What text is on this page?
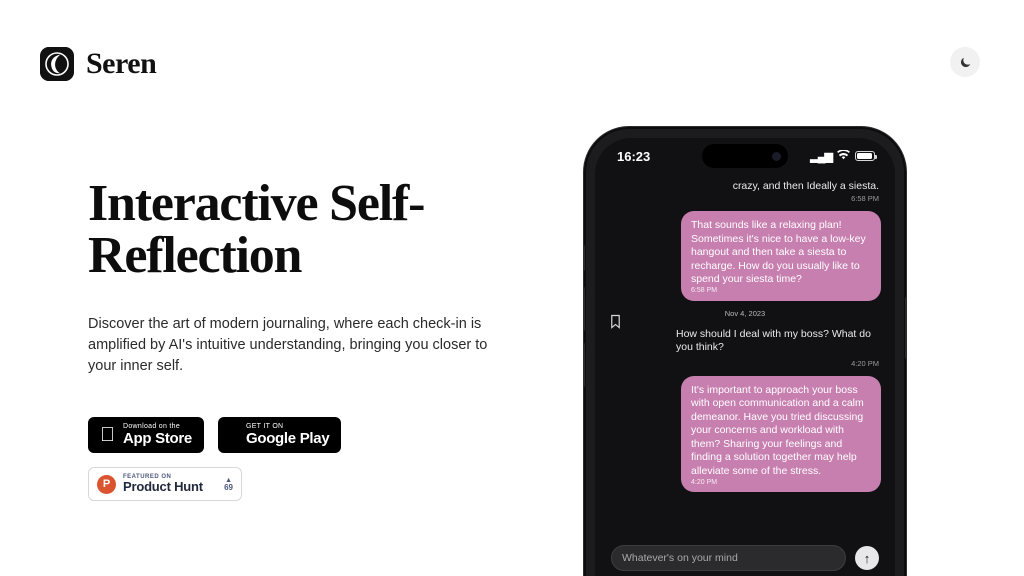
Seren
Interactive Self-Reflection

Discover the art of modern journaling, where each check-in is amplified by AI's intuitive understanding, bringing you closer to your inner self.

Download on the
App Store
GET IT ON
Google Play
P
FEATURED ON
Product Hunt	▲
69
16:23	▂▄▆
crazy, and then Ideally a siesta.
6:58 PM
That sounds like a relaxing plan! Sometimes it's nice to have a low-key hangout and then take a siesta to recharge. How do you usually like to spend your siesta time?
6:58 PM
Nov 4, 2023
How should I deal with my boss? What do you think?
4:20 PM
It's important to approach your boss with open communication and a calm demeanor. Have you tried discussing your concerns and workload with them? Sharing your feelings and finding a solution together may help alleviate some of the stress.
4:20 PM
Whatever's on your mind	↑
